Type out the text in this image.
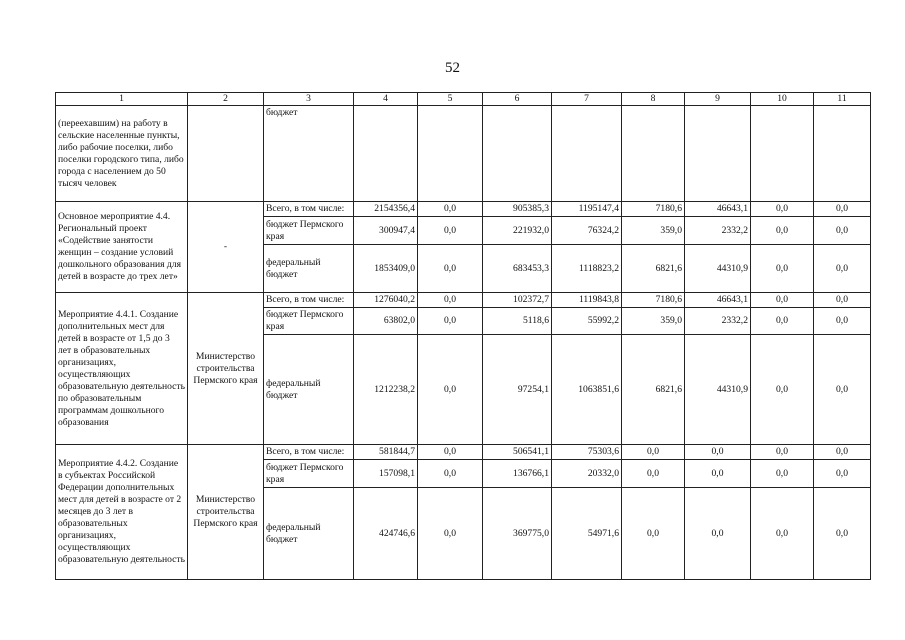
52
1	2	3	4	5	6	7	8	9	10	11
(переехавшим) на работу в сельские населенные пункты, либо рабочие поселки, либо поселки городского типа, либо города с населением до 50 тысяч человек		бюджет								
Основное мероприятие 4.4. Региональный проект «Содействие занятости женщин – создание условий дошкольного образования для детей в возрасте до трех лет»	-	Всего, в том числе:	2154356,4	0,0	905385,3	1195147,4	7180,6	46643,1	0,0	0,0
		бюджет Пермского края	300947,4	0,0	221932,0	76324,2	359,0	2332,2	0,0	0,0
		федеральный бюджет	1853409,0	0,0	683453,3	1118823,2	6821,6	44310,9	0,0	0,0
Мероприятие 4.4.1. Создание дополнительных мест для детей в возрасте от 1,5 до 3 лет в образовательных организациях, осуществляющих образовательную деятельность по образовательным программам дошкольного образования	Министерство строительства Пермского края	Всего, в том числе:	1276040,2	0,0	102372,7	1119843,8	7180,6	46643,1	0,0	0,0
		бюджет Пермского края	63802,0	0,0	5118,6	55992,2	359,0	2332,2	0,0	0,0
		федеральный бюджет	1212238,2	0,0	97254,1	1063851,6	6821,6	44310,9	0,0	0,0
Мероприятие 4.4.2. Создание в субъектах Российской Федерации дополнительных мест для детей в возрасте от 2 месяцев до 3 лет в образовательных организациях, осуществляющих образовательную деятельность	Министерство строительства Пермского края	Всего, в том числе:	581844,7	0,0	506541,1	75303,6	0,0	0,0	0,0	0,0
		бюджет Пермского края	157098,1	0,0	136766,1	20332,0	0,0	0,0	0,0	0,0
		федеральный бюджет	424746,6	0,0	369775,0	54971,6	0,0	0,0	0,0	0,0
